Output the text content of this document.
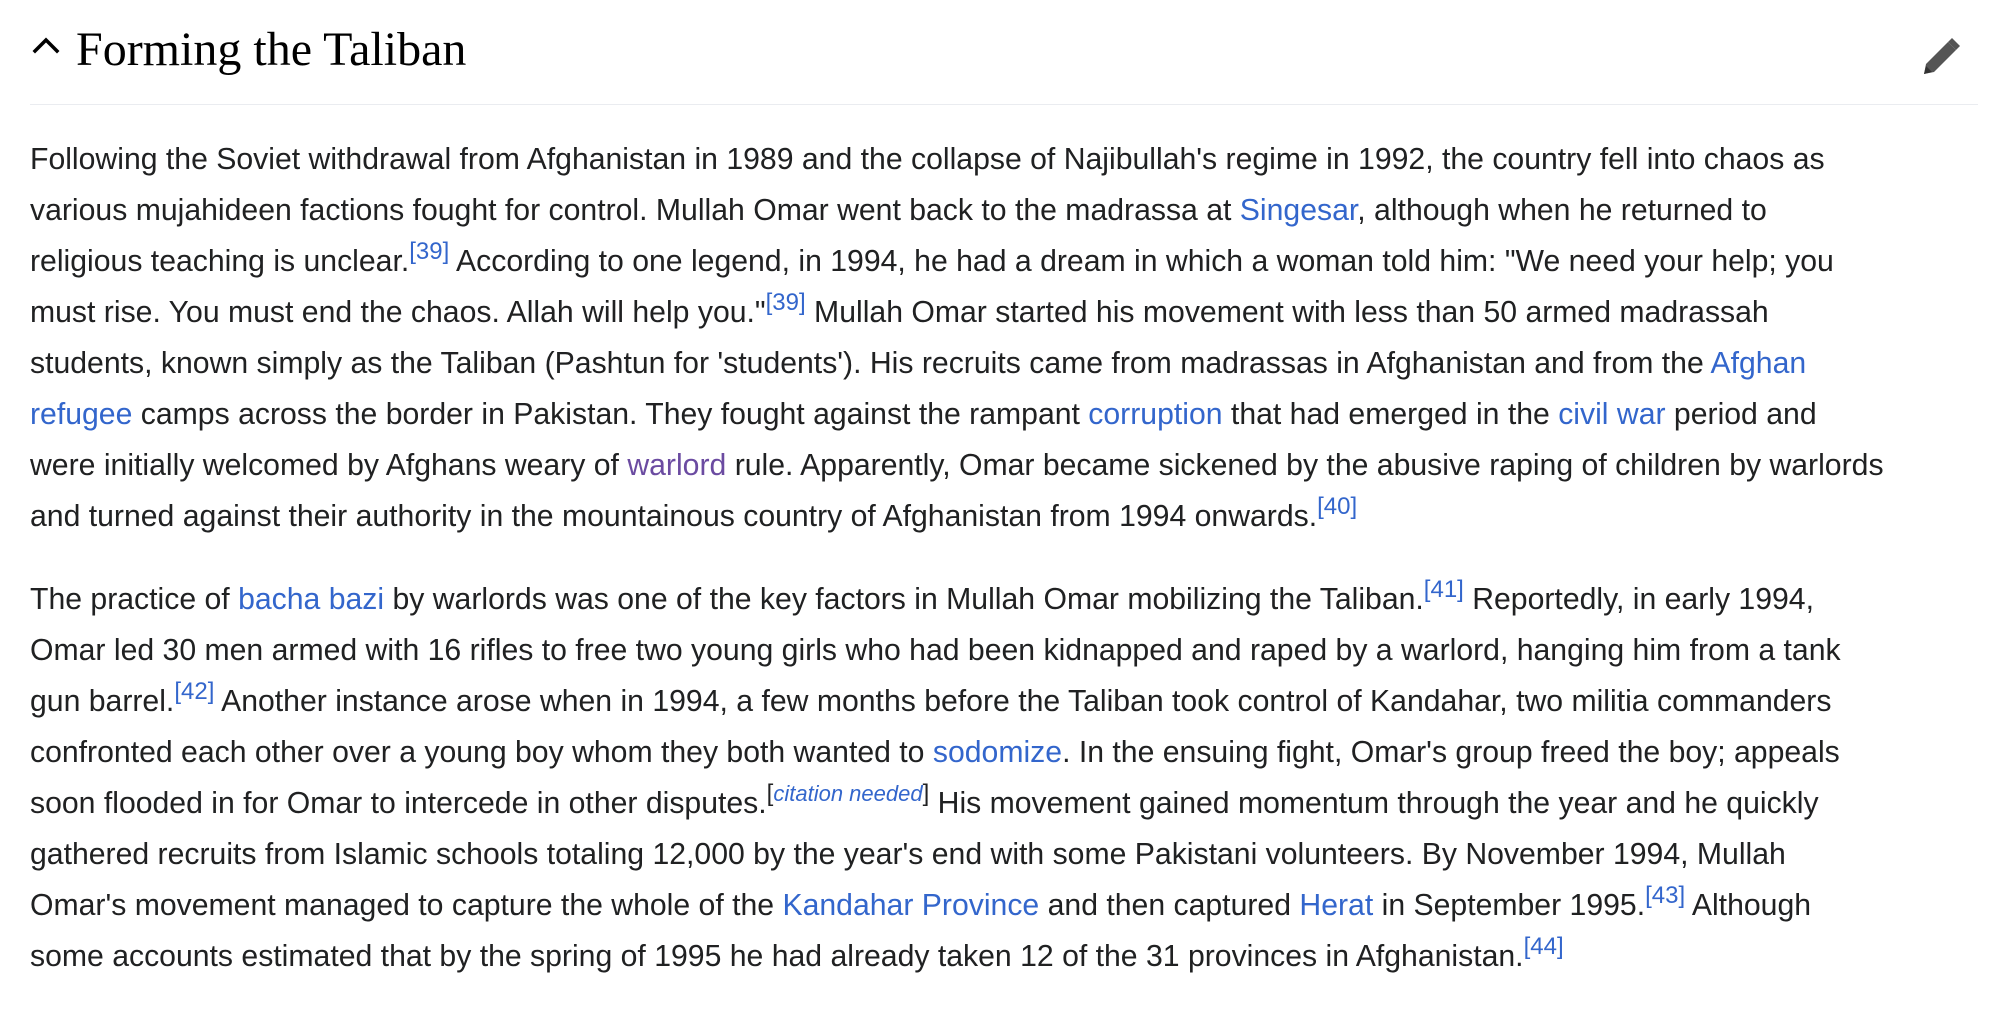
Forming the Taliban

Following the Soviet withdrawal from Afghanistan in 1989 and the collapse of Najibullah's regime in 1992, the country fell into chaos as
various mujahideen factions fought for control. Mullah Omar went back to the madrassa at Singesar, although when he returned to
religious teaching is unclear.[39] According to one legend, in 1994, he had a dream in which a woman told him: "We need your help; you
must rise. You must end the chaos. Allah will help you."[39] Mullah Omar started his movement with less than 50 armed madrassah
students, known simply as the Taliban (Pashtun for 'students'). His recruits came from madrassas in Afghanistan and from the Afghan
refugee camps across the border in Pakistan. They fought against the rampant corruption that had emerged in the civil war period and
were initially welcomed by Afghans weary of warlord rule. Apparently, Omar became sickened by the abusive raping of children by warlords
and turned against their authority in the mountainous country of Afghanistan from 1994 onwards.[40]

The practice of bacha bazi by warlords was one of the key factors in Mullah Omar mobilizing the Taliban.[41] Reportedly, in early 1994,
Omar led 30 men armed with 16 rifles to free two young girls who had been kidnapped and raped by a warlord, hanging him from a tank
gun barrel.[42] Another instance arose when in 1994, a few months before the Taliban took control of Kandahar, two militia commanders
confronted each other over a young boy whom they both wanted to sodomize. In the ensuing fight, Omar's group freed the boy; appeals
soon flooded in for Omar to intercede in other disputes.[citation needed] His movement gained momentum through the year and he quickly
gathered recruits from Islamic schools totaling 12,000 by the year's end with some Pakistani volunteers. By November 1994, Mullah
Omar's movement managed to capture the whole of the Kandahar Province and then captured Herat in September 1995.[43] Although
some accounts estimated that by the spring of 1995 he had already taken 12 of the 31 provinces in Afghanistan.[44]
